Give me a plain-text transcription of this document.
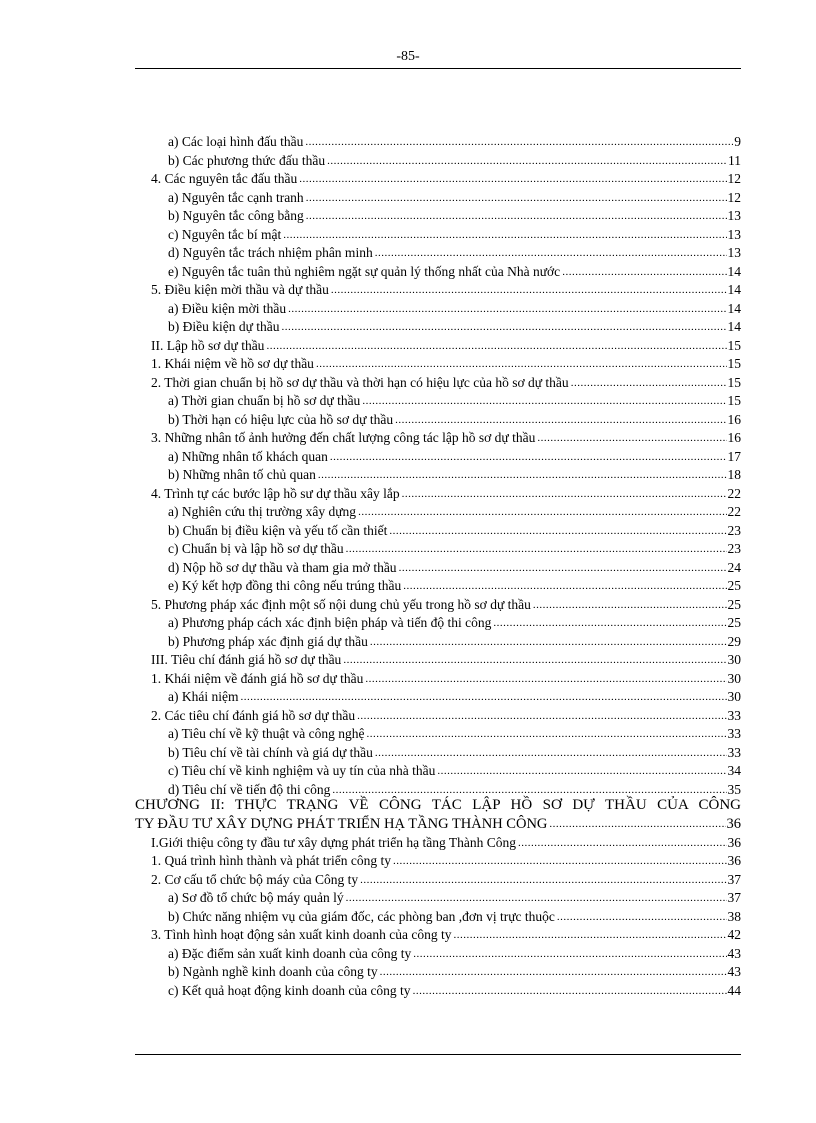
-85-
a) Các loại hình đấu thầu .....	9
b) Các phương thức đấu thầu .....	11
4. Các nguyên tắc đấu thầu .....	12
a) Nguyên tắc cạnh tranh .....	12
b) Nguyên tắc công bằng .....	13
c) Nguyên tắc bí mật .....	13
d) Nguyên tắc trách nhiệm phân minh .....	13
e) Nguyên tắc tuân thủ nghiêm ngặt sự quản lý thống nhất của Nhà nước .....	14
5. Điều kiện mời thầu và dự thầu .....	14
a) Điều kiện mời thầu .....	14
b) Điều kiện dự thầu .....	14
II. Lập hồ sơ dự thầu .....	15
1. Khái niệm về hồ sơ dự thầu .....	15
2. Thời gian chuẩn bị hồ sơ dự thầu và thời hạn có hiệu lực của hồ sơ dự thầu .....	15
a) Thời gian chuẩn bị hồ sơ dự thầu .....	15
b) Thời hạn có hiệu lực của hồ sơ dự thầu .....	16
3. Những nhân tố ảnh hưởng đến chất lượng công tác lập hồ sơ dự thầu .....	16
a) Những nhân tố khách quan .....	17
b) Những nhân tố chủ quan .....	18
4. Trình tự các bước lập hồ sư dự thầu xây lắp .....	22
a) Nghiên cứu thị trường xây dựng .....	22
b) Chuẩn bị điều kiện và yếu tố cần thiết .....	23
c) Chuẩn bị và lập hồ sơ dự thầu .....	23
d) Nộp hồ sơ dự thầu và tham gia mở thầu .....	24
e) Ký kết hợp đồng thi công nếu trúng thầu .....	25
5. Phương pháp xác định một số nội dung chủ yếu trong hồ sơ dự thầu .....	25
a) Phương pháp cách xác định biện pháp và tiến độ thi công .....	25
b) Phương pháp xác định giá dự thầu .....	29
III. Tiêu chí đánh giá hồ sơ dự thầu .....	30
1. Khái niệm về đánh giá hồ sơ dự thầu .....	30
a) Khái niệm .....	30
2. Các tiêu chí đánh giá hồ sơ dự thầu .....	33
a) Tiêu chí về kỹ thuật và công nghệ .....	33
b) Tiêu chí về tài chính và giá dự thầu .....	33
c) Tiêu chí về kinh nghiệm và uy tín của nhà thầu .....	34
d) Tiêu chí về tiến độ thi công .....	35
CHƯƠNG II: THỰC TRẠNG VỀ CÔNG TÁC LẬP HỒ SƠ DỰ THẦU CỦA CÔNG
TY ĐẦU TƯ XÂY DỰNG PHÁT TRIỂN HẠ TẦNG THÀNH CÔNG .....	36
I.Giới thiệu công ty đầu tư xây dựng phát triển hạ tầng Thành Công .....	36
1. Quá trình hình thành và phát triển công ty .....	36
2. Cơ cấu tổ chức bộ máy của Công ty .....	37
a) Sơ đồ tổ chức bộ máy quản lý .....	37
b) Chức năng nhiệm vụ của giám đốc, các phòng ban ,đơn vị trực thuộc .....	38
3. Tình hình hoạt động sản xuất kinh doanh của công ty .....	42
a) Đặc điểm sản xuất kinh doanh của công ty .....	43
b) Ngành nghề kinh doanh của công ty .....	43
c) Kết quả hoạt động kinh doanh của công ty .....	44
